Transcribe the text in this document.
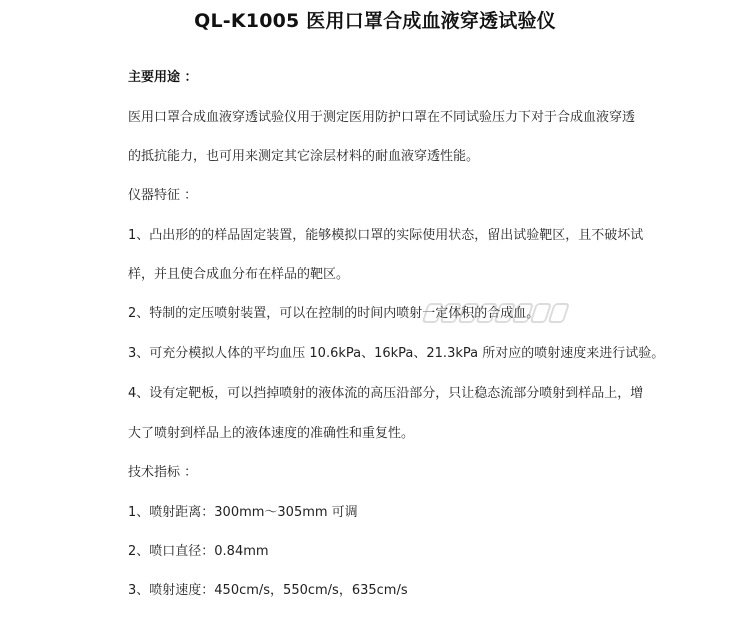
QL-K1005 医用口罩合成血液穿透试验仪
主要用途 ：
医用口罩合成血液穿透试验仪用于测定医用防护口罩在不同试验压力下对于合成血液穿透
的抵抗能力，也可用来测定其它涂层材料的耐血液穿透性能。
仪器特征 ：
1、凸出形的的样品固定装置，能够模拟口罩的实际使用状态，留出试验靶区，且不破坏试
样，并且使合成血分布在样品的靶区。
2、特制的定压喷射装置，可以在控制的时间内喷射一定体积的合成血。
3、可充分模拟人体的平均血压 10.6kPa、16kPa、21.3kPa 所对应的喷射速度来进行试验。
4、设有定靶板，可以挡掉喷射的液体流的高压沿部分，只让稳态流部分喷射到样品上，增
大了喷射到样品上的液体速度的准确性和重复性。
技术指标 ：
1、喷射距离：300mm～305mm 可调
2、喷口直径：0.84mm
3、喷射速度：450cm/s，550cm/s，635cm/s
